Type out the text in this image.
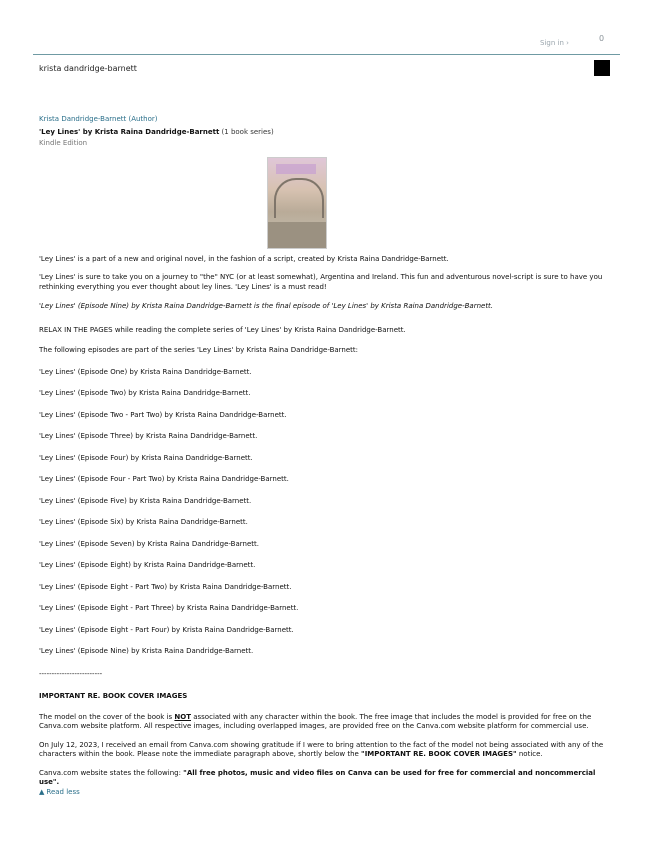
Sign in ›	0
krista dandridge-barnett
Krista Dandridge-Barnett (Author)
'Ley Lines' by Krista Raina Dandridge-Barnett (1 book series)
Kindle Edition

'Ley Lines' is a part of a new and original novel, in the fashion of a script, created by Krista Raina Dandridge-Barnett.

'Ley Lines' is sure to take you on a journey to "the" NYC (or at least somewhat), Argentina and Ireland. This fun and adventurous novel-script is sure to have you rethinking everything you ever thought about ley lines. 'Ley Lines' is a must read!

'Ley Lines' (Episode Nine) by Krista Raina Dandridge-Barnett is the final episode of 'Ley Lines' by Krista Raina Dandridge-Barnett.

RELAX IN THE PAGES while reading the complete series of 'Ley Lines' by Krista Raina Dandridge-Barnett.

The following episodes are part of the series 'Ley Lines' by Krista Raina Dandridge-Barnett:

'Ley Lines' (Episode One) by Krista Raina Dandridge-Barnett.

'Ley Lines' (Episode Two) by Krista Raina Dandridge-Barnett.

'Ley Lines' (Episode Two - Part Two) by Krista Raina Dandridge-Barnett.

'Ley Lines' (Episode Three) by Krista Raina Dandridge-Barnett.

'Ley Lines' (Episode Four) by Krista Raina Dandridge-Barnett.

'Ley Lines' (Episode Four - Part Two) by Krista Raina Dandridge-Barnett.

'Ley Lines' (Episode Five) by Krista Raina Dandridge-Barnett.

'Ley Lines' (Episode Six) by Krista Raina Dandridge-Barnett.

'Ley Lines' (Episode Seven) by Krista Raina Dandridge-Barnett.

'Ley Lines' (Episode Eight) by Krista Raina Dandridge-Barnett.

'Ley Lines' (Episode Eight - Part Two) by Krista Raina Dandridge-Barnett.

'Ley Lines' (Episode Eight - Part Three) by Krista Raina Dandridge-Barnett.

'Ley Lines' (Episode Eight - Part Four) by Krista Raina Dandridge-Barnett.

'Ley Lines' (Episode Nine) by Krista Raina Dandridge-Barnett.

-------------------------

IMPORTANT RE. BOOK COVER IMAGES

The model on the cover of the book is NOT associated with any character within the book. The free image that includes the model is provided for free on the Canva.com website platform. All respective images, including overlapped images, are provided free on the Canva.com website platform for commercial use.

On July 12, 2023, I received an email from Canva.com showing gratitude if I were to bring attention to the fact of the model not being associated with any of the characters within the book. Please note the immediate paragraph above, shortly below the "IMPORTANT RE. BOOK COVER IMAGES" notice.

Canva.com website states the following: "All free photos, music and video files on Canva can be used for free for commercial and noncommercial use".

▲ Read less
